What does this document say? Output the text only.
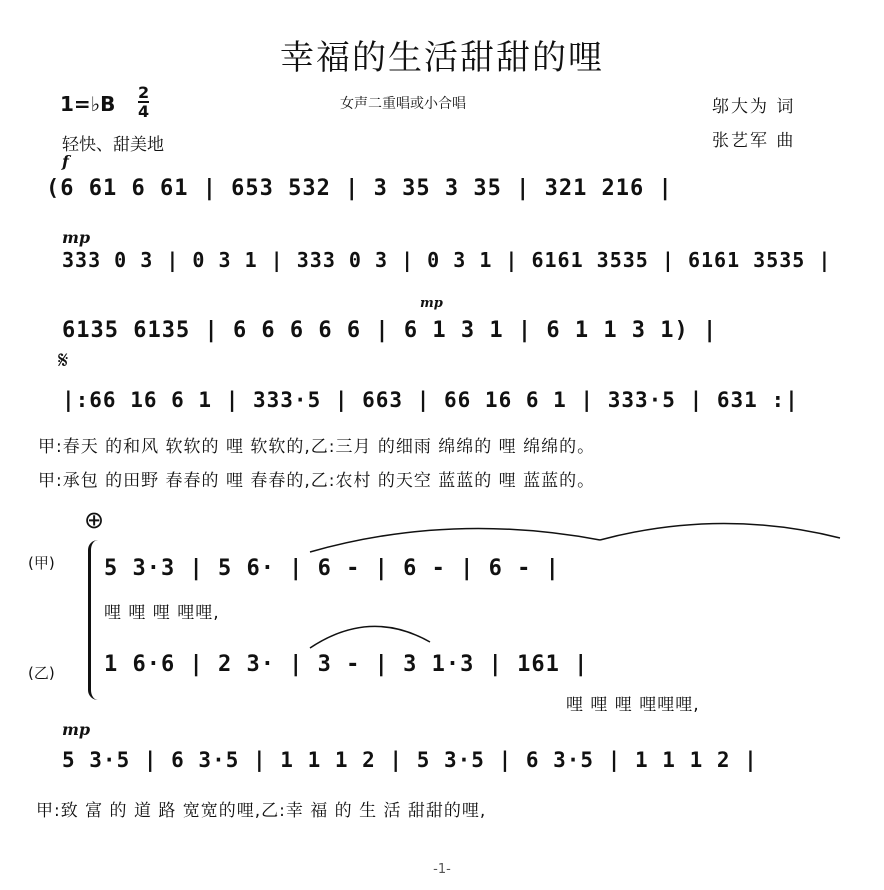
幸福的生活甜甜的哩
1=♭B 2
4	女声二重唱或小合唱	邬大为 词
张艺军 曲
轻快、甜美地
f
(6 61 6 61 | 653 532 | 3 35 3 35 | 321 216 |
mp
333 0 3 | 0 3 1 | 333 0 3 | 0 3 1 | 6161 3535 | 6161 3535 |
mp
6135 6135 | 6 6 6 6 6 | 6 1 3 1 | 6 1 1 3 1) |
𝄋
|:66 16 6 1 | 333·5 | 663 | 66 16 6 1 | 333·5 | 631 :|
甲:春天 的和风 软软的 哩 软软的,乙:三月 的细雨 绵绵的 哩 绵绵的。
甲:承包 的田野 春春的 哩 春春的,乙:农村 的天空 蓝蓝的 哩 蓝蓝的。
⊕
(甲) 5 3·3 | 5 6· | 6 - | 6 - | 6 - |
哩 哩 哩 哩哩,
(乙) 1 6·6 | 2 3· | 3 - | 3 1·3 | 161 |
哩 哩 哩 哩哩哩,
mp
5 3·5 | 6 3·5 | 1 1 1 2 | 5 3·5 | 6 3·5 | 1 1 1 2 |
甲:致 富 的 道 路 宽宽的哩,乙:幸 福 的 生 活 甜甜的哩,
-1-
